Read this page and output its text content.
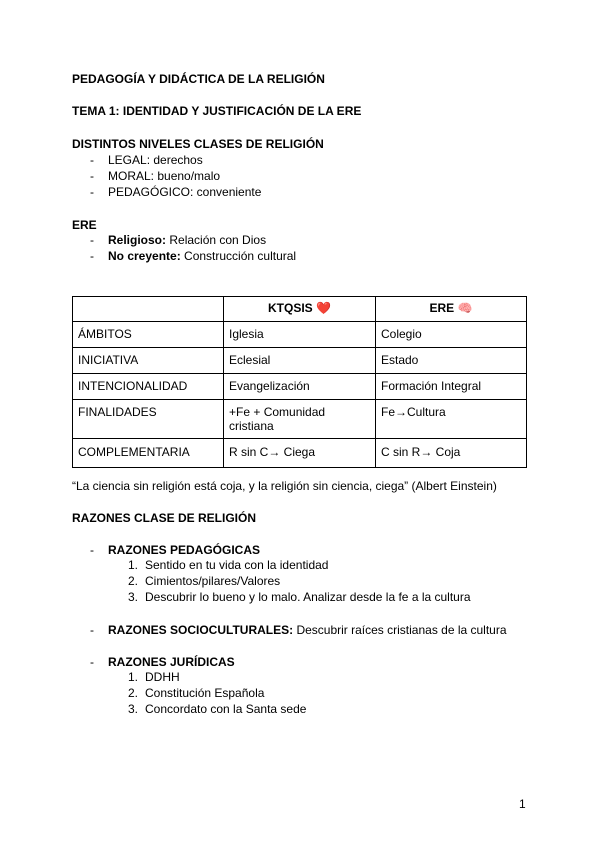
PEDAGOGÍA Y DIDÁCTICA DE LA RELIGIÓN
TEMA 1: IDENTIDAD Y JUSTIFICACIÓN DE LA ERE
DISTINTOS NIVELES CLASES DE RELIGIÓN
- LEGAL: derechos
- MORAL: bueno/malo
- PEDAGÓGICO: conveniente
ERE
- Religioso: Relación con Dios
- No creyente: Construcción cultural
	KTQSIS ❤️	ERE 🧠
ÁMBITOS	Iglesia	Colegio
INICIATIVA	Eclesial	Estado
INTENCIONALIDAD	Evangelización	Formación Integral
FINALIDADES	+Fe + Comunidad cristiana	Fe→Cultura
COMPLEMENTARIA	R sin C→ Ciega	C sin R→ Coja
“La ciencia sin religión está coja, y la religión sin ciencia, ciega” (Albert Einstein)
RAZONES CLASE DE RELIGIÓN
- RAZONES PEDAGÓGICAS
1. Sentido en tu vida con la identidad
2. Cimientos/pilares/Valores
3. Descubrir lo bueno y lo malo. Analizar desde la fe a la cultura
- RAZONES SOCIOCULTURALES: Descubrir raíces cristianas de la cultura
- RAZONES JURÍDICAS
1. DDHH
2. Constitución Española
3. Concordato con la Santa sede
1
